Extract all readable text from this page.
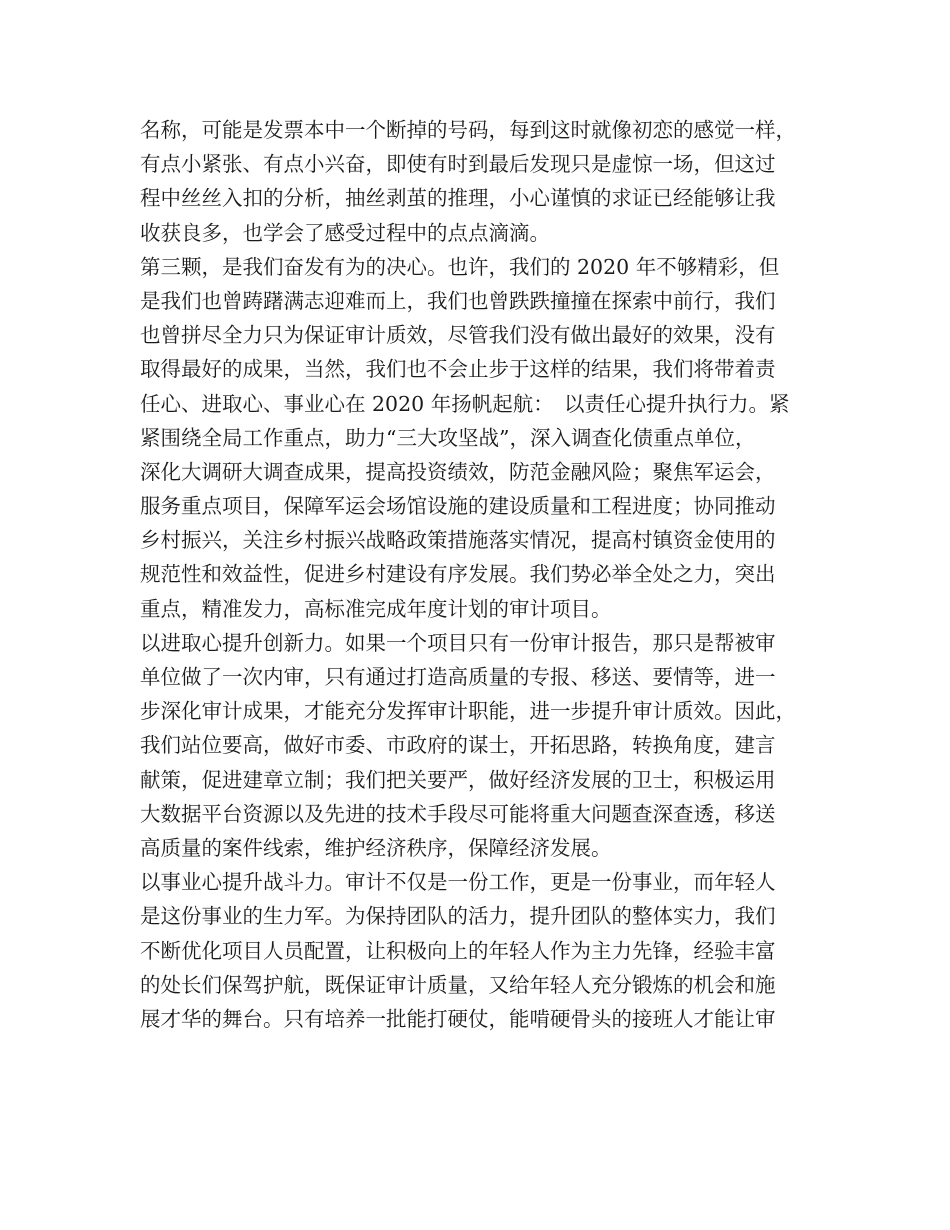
名称，可能是发票本中一个断掉的号码，每到这时就像初恋的感觉一样，
有点小紧张、有点小兴奋，即使有时到最后发现只是虚惊一场，但这过
程中丝丝入扣的分析，抽丝剥茧的推理，小心谨慎的求证已经能够让我
收获良多，也学会了感受过程中的点点滴滴。
第三颗，是我们奋发有为的决心。也许，我们的 2020 年不够精彩，但
是我们也曾踌躇满志迎难而上，我们也曾跌跌撞撞在探索中前行，我们
也曾拼尽全力只为保证审计质效，尽管我们没有做出最好的效果，没有
取得最好的成果，当然，我们也不会止步于这样的结果，我们将带着责
任心、进取心、事业心在 2020 年扬帆起航：　以责任心提升执行力。紧
紧围绕全局工作重点，助力“三大攻坚战”，深入调查化债重点单位，
深化大调研大调查成果，提高投资绩效，防范金融风险；聚焦军运会，
服务重点项目，保障军运会场馆设施的建设质量和工程进度；协同推动
乡村振兴，关注乡村振兴战略政策措施落实情况，提高村镇资金使用的
规范性和效益性，促进乡村建设有序发展。我们势必举全处之力，突出
重点，精准发力，高标准完成年度计划的审计项目。
以进取心提升创新力。如果一个项目只有一份审计报告，那只是帮被审
单位做了一次内审，只有通过打造高质量的专报、移送、要情等，进一
步深化审计成果，才能充分发挥审计职能，进一步提升审计质效。因此，
我们站位要高，做好市委、市政府的谋士，开拓思路，转换角度，建言
献策，促进建章立制；我们把关要严，做好经济发展的卫士，积极运用
大数据平台资源以及先进的技术手段尽可能将重大问题查深查透，移送
高质量的案件线索，维护经济秩序，保障经济发展。
以事业心提升战斗力。审计不仅是一份工作，更是一份事业，而年轻人
是这份事业的生力军。为保持团队的活力，提升团队的整体实力，我们
不断优化项目人员配置，让积极向上的年轻人作为主力先锋，经验丰富
的处长们保驾护航，既保证审计质量，又给年轻人充分锻炼的机会和施
展才华的舞台。只有培养一批能打硬仗，能啃硬骨头的接班人才能让审
